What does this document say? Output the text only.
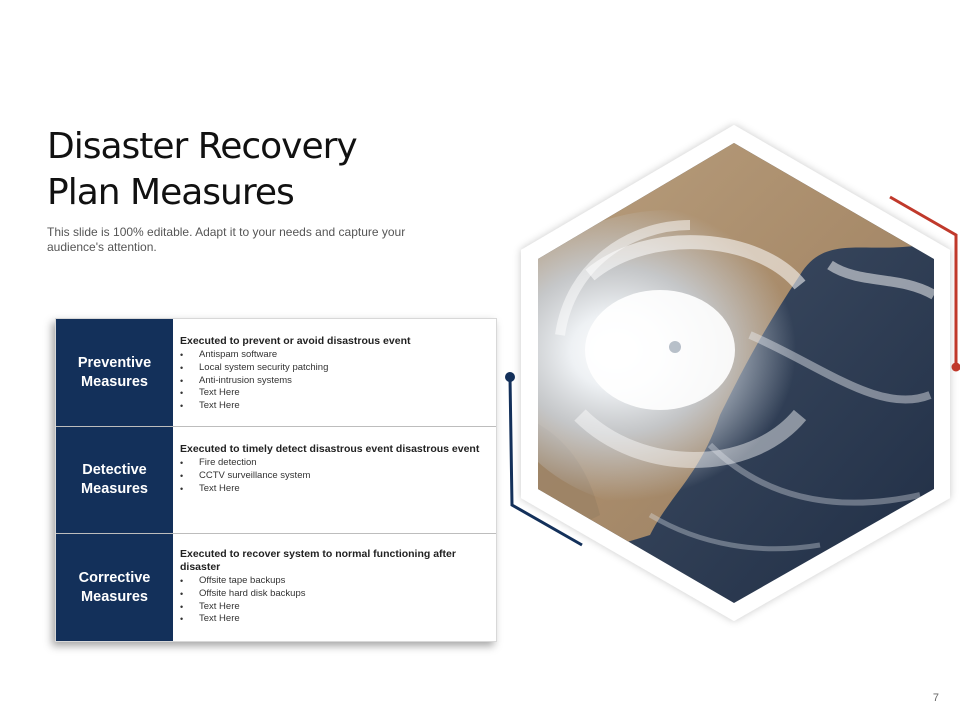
Disaster Recovery
Plan Measures
This slide is 100% editable. Adapt it to your needs and capture your audience's attention.
Preventive Measures
Executed to prevent or avoid disastrous event
• Antispam software
• Local system security patching
• Anti-intrusion systems
• Text Here
• Text Here
Detective Measures
Executed to timely detect disastrous event disastrous event
• Fire detection
• CCTV surveillance system
• Text Here
Corrective Measures
Executed to recover system to normal functioning after disaster
• Offsite tape backups
• Offsite hard disk backups
• Text Here
• Text Here
7
